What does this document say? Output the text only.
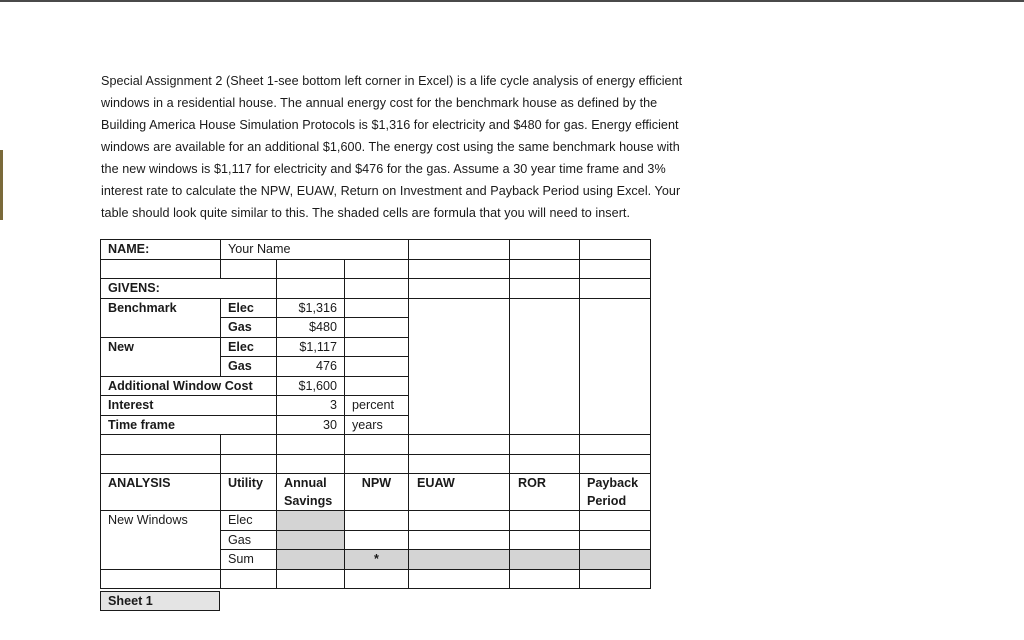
Special Assignment 2 (Sheet 1-see bottom left corner in Excel) is a life cycle analysis of energy efficient
windows in a residential house. The annual energy cost for the benchmark house as defined by the
Building America House Simulation Protocols is $1,316 for electricity and $480 for gas. Energy efficient
windows are available for an additional $1,600. The energy cost using the same benchmark house with
the new windows is $1,117 for electricity and $476 for the gas. Assume a 30 year time frame and 3%
interest rate to calculate the NPW, EUAW, Return on Investment and Payback Period using Excel. Your
table should look quite similar to this. The shaded cells are formula that you will need to insert.

NAME:	Your Name					

GIVENS:						
Benchmark	Elec	$1,316				
	Gas	$480				
New	Elec	$1,117				
	Gas	476				
Additional Window Cost		$1,600				
Interest		3	percent			
Time frame		30	years			

ANALYSIS	Utility	Annual Savings	NPW	EUAW	ROR	Payback Period
New Windows	Elec					
	Gas					
	Sum		*			

Sheet 1
